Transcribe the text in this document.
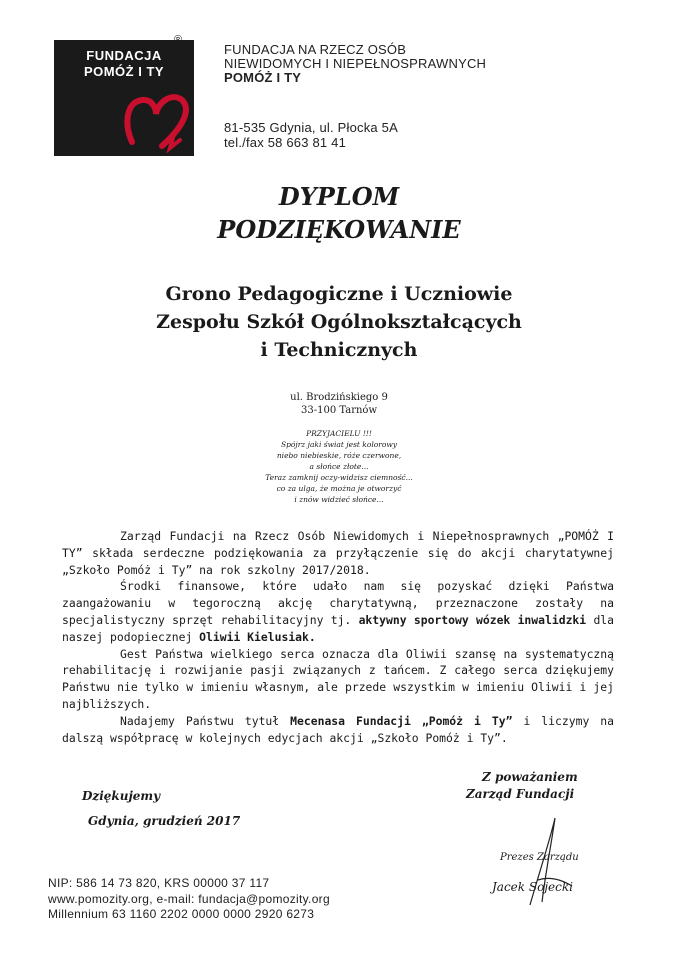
FUNDACJA
POMÓŻ I TY
®
FUNDACJA NA RZECZ OSÓB
NIEWIDOMYCH I NIEPEŁNOSPRAWNYCH
POMÓŻ I TY
81-535 Gdynia, ul. Płocka 5A
tel./fax 58 663 81 41
DYPLOM
PODZIĘKOWANIE
Grono Pedagogiczne i Uczniowie
Zespołu Szkół Ogólnokształcących
i Technicznych
ul. Brodzińskiego 9
33-100 Tarnów
PRZYJACIELU !!!
Spójrz jaki świat jest kolorowy
niebo niebieskie, róże czerwone,
a słońce złote...
Teraz zamknij oczy-widzisz ciemność...
co za ulga, że można je otworzyć
i znów widzieć słońce...

Zarząd Fundacji na Rzecz Osób Niewidomych i Niepełnosprawnych „POMÓŻ I TY” składa serdeczne podziękowania za przyłączenie się do akcji charytatywnej „Szkoło Pomóż i Ty” na rok szkolny 2017/2018.

Środki finansowe, które udało nam się pozyskać dzięki Państwa zaangażowaniu w tegoroczną akcję charytatywną, przeznaczone zostały na specjalistyczny sprzęt rehabilitacyjny tj. aktywny sportowy wózek inwalidzki dla naszej podopiecznej Oliwii Kielusiak.

Gest Państwa wielkiego serca oznacza dla Oliwii szansę na systematyczną rehabilitację i rozwijanie pasji związanych z tańcem. Z całego serca dziękujemy Państwu nie tylko w imieniu własnym, ale przede wszystkim w imieniu Oliwii i jej najbliższych.

Nadajemy Państwu tytuł Mecenasa Fundacji „Pomóż i Ty” i liczymy na dalszą współpracę w kolejnych edycjach akcji „Szkoło Pomóż i Ty”.

Z poważaniem
Zarząd Fundacji
Dziękujemy
Gdynia, grudzień 2017
Prezes Zarządu
Jacek Sojecki
NIP: 586 14 73 820, KRS 00000 37 117
www.pomozity.org, e-mail: fundacja@pomozity.org
Millennium 63 1160 2202 0000 0000 2920 6273
